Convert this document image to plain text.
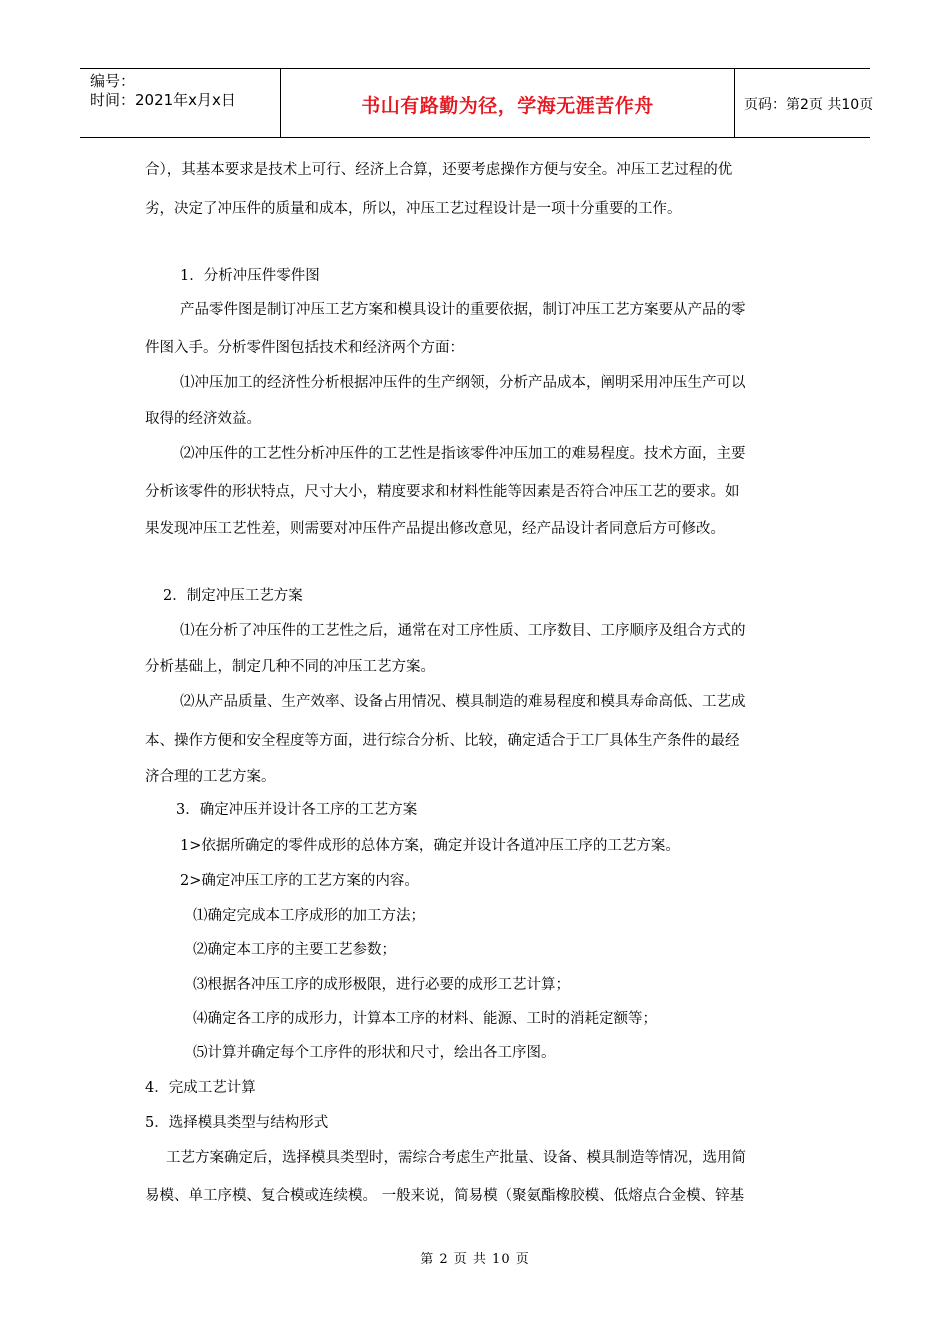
编号：
时间：2021年x月x日	书山有路勤为径，学海无涯苦作舟	页码：第2页 共10页
合），其基本要求是技术上可行、经济上合算，还要考虑操作方便与安全。冲压工艺过程的优
劣，决定了冲压件的质量和成本，所以，冲压工艺过程设计是一项十分重要的工作。
1．分析冲压件零件图
产品零件图是制订冲压工艺方案和模具设计的重要依据，制订冲压工艺方案要从产品的零
件图入手。分析零件图包括技术和经济两个方面：
⑴冲压加工的经济性分析根据冲压件的生产纲领，分析产品成本，阐明采用冲压生产可以
取得的经济效益。
⑵冲压件的工艺性分析冲压件的工艺性是指该零件冲压加工的难易程度。技术方面，主要
分析该零件的形状特点，尺寸大小，精度要求和材料性能等因素是否符合冲压工艺的要求。如
果发现冲压工艺性差，则需要对冲压件产品提出修改意见，经产品设计者同意后方可修改。
2．制定冲压工艺方案
⑴在分析了冲压件的工艺性之后，通常在对工序性质、工序数目、工序顺序及组合方式的
分析基础上，制定几种不同的冲压工艺方案。
⑵从产品质量、生产效率、设备占用情况、模具制造的难易程度和模具寿命高低、工艺成
本、操作方便和安全程度等方面，进行综合分析、比较，确定适合于工厂具体生产条件的最经
济合理的工艺方案。
3．确定冲压并设计各工序的工艺方案
1>依据所确定的零件成形的总体方案，确定并设计各道冲压工序的工艺方案。
2>确定冲压工序的工艺方案的内容。
⑴确定完成本工序成形的加工方法；
⑵确定本工序的主要工艺参数；
⑶根据各冲压工序的成形极限，进行必要的成形工艺计算；
⑷确定各工序的成形力，计算本工序的材料、能源、工时的消耗定额等；
⑸计算并确定每个工序件的形状和尺寸，绘出各工序图。
4．完成工艺计算
5．选择模具类型与结构形式
工艺方案确定后，选择模具类型时，需综合考虑生产批量、设备、模具制造等情况，选用简
易模、单工序模、复合模或连续模。 一般来说，简易模（聚氨酯橡胶模、低熔点合金模、锌基
第 2 页 共 10 页
